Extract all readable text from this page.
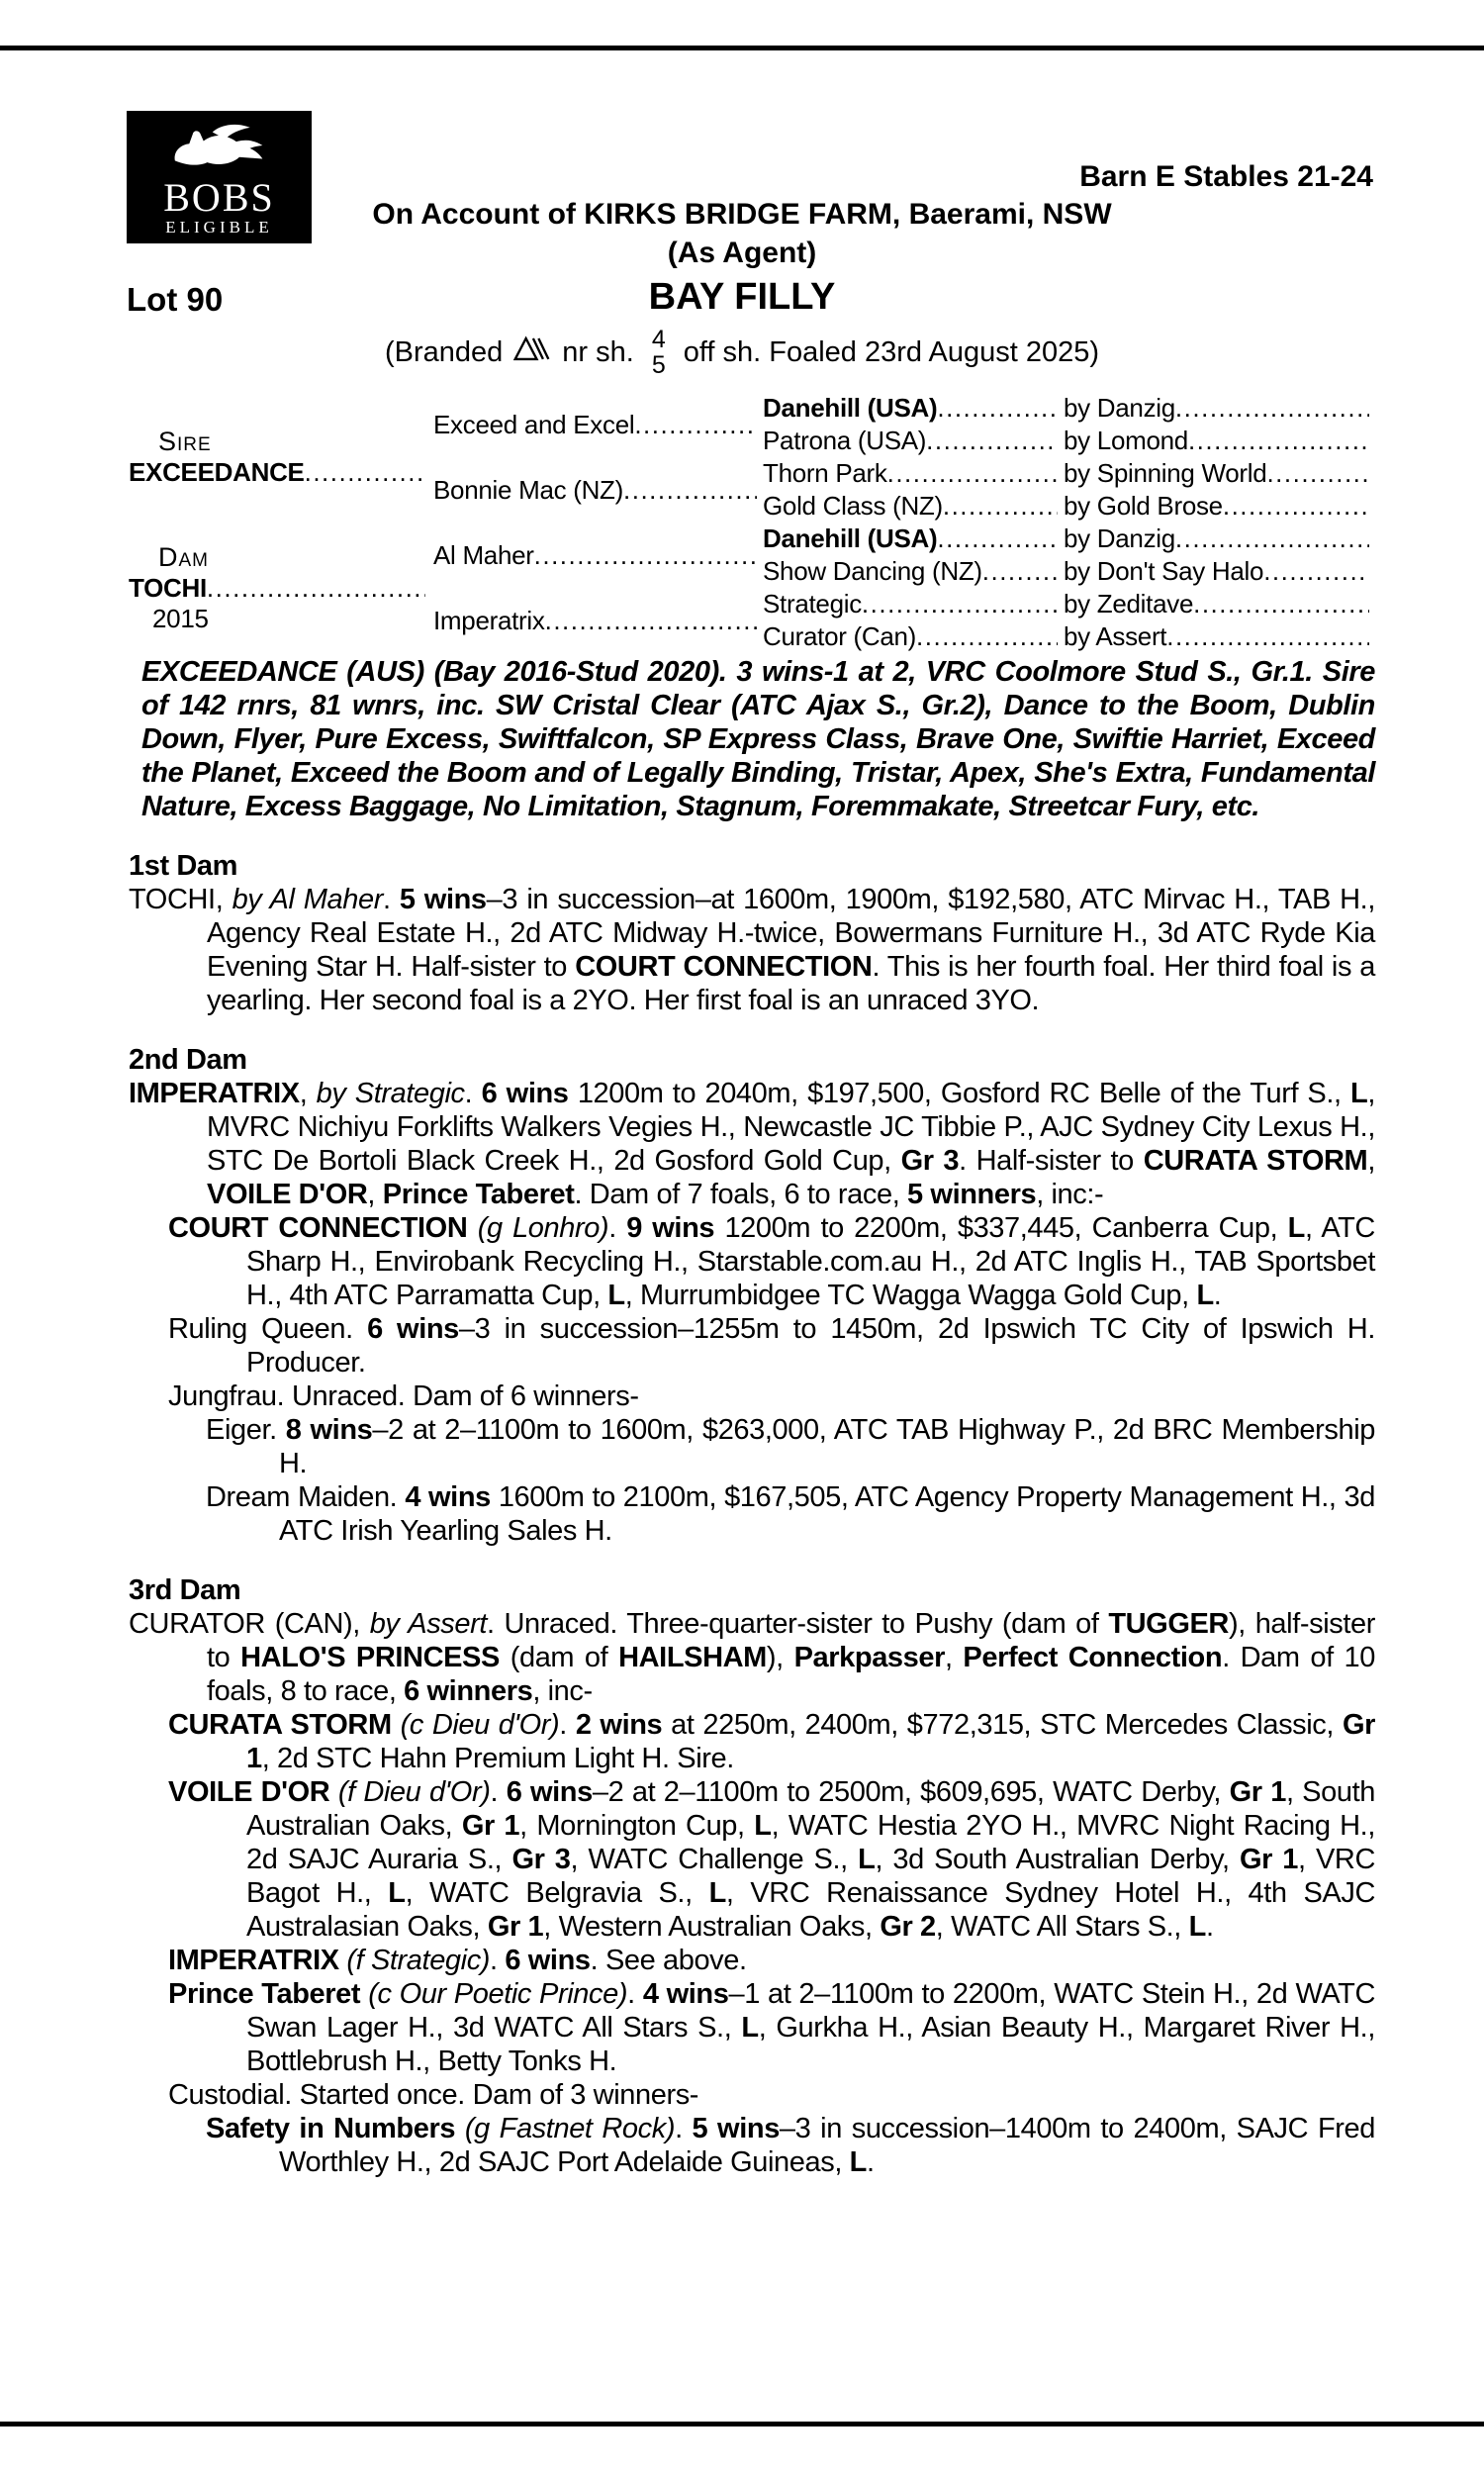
BOBS
ELIGIBLE
Barn E Stables 21-24
On Account of KIRKS BRIDGE FARM, Baerami, NSW
(As Agent)
Lot 90	BAY FILLY
(Branded nr sh. 4
5 off sh. Foaled 23rd August 2025)
Sire
EXCEEDANCE
.....
Dam
TOCHI
.....
2015
Exceed and Excel
.....
Bonnie Mac (NZ)
.....
Al Maher
.....
Imperatrix
.....
Danehill (USA)
.....
Patrona (USA)
.....
Thorn Park
.....
Gold Class (NZ)
.....
Danehill (USA)
.....
Show Dancing (NZ)
.....
Strategic
.....
Curator (Can)
.....
by Danzig
.....
by Lomond
.....
by Spinning World
.....
by Gold Brose
.....
by Danzig
.....
by Don't Say Halo
.....
by Zeditave
.....
by Assert
.....

EXCEEDANCE (AUS) (Bay 2016-Stud 2020). 3 wins-1 at 2, VRC Coolmore Stud S., Gr.1. Sire of 142 rnrs, 81 wnrs, inc. SW Cristal Clear (ATC Ajax S., Gr.2), Dance to the Boom, Dublin Down, Flyer, Pure Excess, Swiftfalcon, SP Express Class, Brave One, Swiftie Harriet, Exceed the Planet, Exceed the Boom and of Legally Binding, Tristar, Apex, She's Extra, Fundamental Nature, Excess Baggage, No Limitation, Stagnum, Foremmakate, Streetcar Fury, etc.

1st Dam

TOCHI, by Al Maher. 5 wins–3 in succession–at 1600m, 1900m, $192,580, ATC Mirvac H., TAB H., Agency Real Estate H., 2d ATC Midway H.-twice, Bowermans Furniture H., 3d ATC Ryde Kia Evening Star H. Half-sister to COURT CONNECTION. This is her fourth foal. Her third foal is a yearling. Her second foal is a 2YO. Her first foal is an unraced 3YO.

2nd Dam

IMPERATRIX, by Strategic. 6 wins 1200m to 2040m, $197,500, Gosford RC Belle of the Turf S., L, MVRC Nichiyu Forklifts Walkers Vegies H., Newcastle JC Tibbie P., AJC Sydney City Lexus H., STC De Bortoli Black Creek H., 2d Gosford Gold Cup, Gr 3. Half-sister to CURATA STORM, VOILE D'OR, Prince Taberet. Dam of 7 foals, 6 to race, 5 winners, inc:-

COURT CONNECTION (g Lonhro). 9 wins 1200m to 2200m, $337,445, Canberra Cup, L, ATC Sharp H., Envirobank Recycling H., Starstable.com.au H., 2d ATC Inglis H., TAB Sportsbet H., 4th ATC Parramatta Cup, L, Murrumbidgee TC Wagga Wagga Gold Cup, L.

Ruling Queen. 6 wins–3 in succession–1255m to 1450m, 2d Ipswich TC City of Ipswich H. Producer.

Jungfrau. Unraced. Dam of 6 winners-

Eiger. 8 wins–2 at 2–1100m to 1600m, $263,000, ATC TAB Highway P., 2d BRC Membership H.

Dream Maiden. 4 wins 1600m to 2100m, $167,505, ATC Agency Property Management H., 3d ATC Irish Yearling Sales H.

3rd Dam

CURATOR (CAN), by Assert. Unraced. Three-quarter-sister to Pushy (dam of TUGGER), half-sister to HALO'S PRINCESS (dam of HAILSHAM), Parkpasser, Perfect Connection. Dam of 10 foals, 8 to race, 6 winners, inc-

CURATA STORM (c Dieu d'Or). 2 wins at 2250m, 2400m, $772,315, STC Mercedes Classic, Gr 1, 2d STC Hahn Premium Light H. Sire.

VOILE D'OR (f Dieu d'Or). 6 wins–2 at 2–1100m to 2500m, $609,695, WATC Derby, Gr 1, South Australian Oaks, Gr 1, Mornington Cup, L, WATC Hestia 2YO H., MVRC Night Racing H., 2d SAJC Auraria S., Gr 3, WATC Challenge S., L, 3d South Australian Derby, Gr 1, VRC Bagot H., L, WATC Belgravia S., L, VRC Renaissance Sydney Hotel H., 4th SAJC Australasian Oaks, Gr 1, Western Australian Oaks, Gr 2, WATC All Stars S., L.

IMPERATRIX (f Strategic). 6 wins. See above.

Prince Taberet (c Our Poetic Prince). 4 wins–1 at 2–1100m to 2200m, WATC Stein H., 2d WATC Swan Lager H., 3d WATC All Stars S., L, Gurkha H., Asian Beauty H., Margaret River H., Bottlebrush H., Betty Tonks H.

Custodial. Started once. Dam of 3 winners-

Safety in Numbers (g Fastnet Rock). 5 wins–3 in succession–1400m to 2400m, SAJC Fred Worthley H., 2d SAJC Port Adelaide Guineas, L.
